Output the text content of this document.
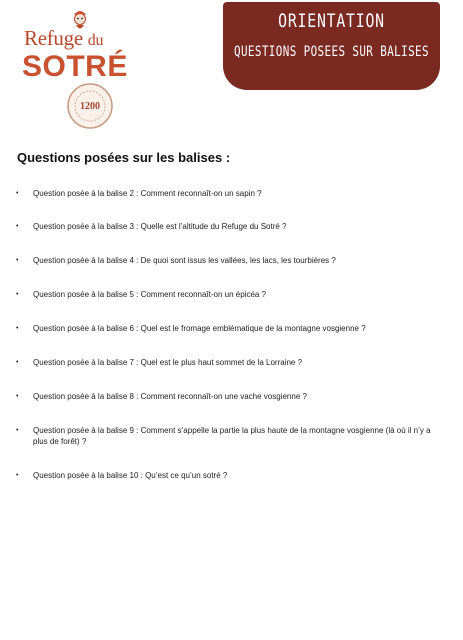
Refuge du
SOTRÉ
1200
ORIENTATION
QUESTIONS POSEES SUR BALISES
Questions posées sur les balises :
• Question posée à la balise 2 : Comment reconnaît-on un sapin ?
• Question posée à la balise 3 : Quelle est l’altitude du Refuge du Sotré ?
• Question posée à la balise 4 : De quoi sont issus les vallées, les lacs, les tourbières ?
• Question posée à la balise 5 : Comment reconnaît-on un épicéa ?
• Question posée à la balise 6 : Quel est le fromage emblématique de la montagne vosgienne ?
• Question posée à la balise 7 : Quel est le plus haut sommet de la Lorraine ?
• Question posée à la balise 8 : Comment reconnaît-on une vache vosgienne ?
• Question posée à la balise 9 : Comment s’appelle la partie la plus haute de la montagne vosgienne (là où il n’y a plus de forêt) ?
• Question posée à la balise 10 : Qu’est ce qu’un sotré ?
